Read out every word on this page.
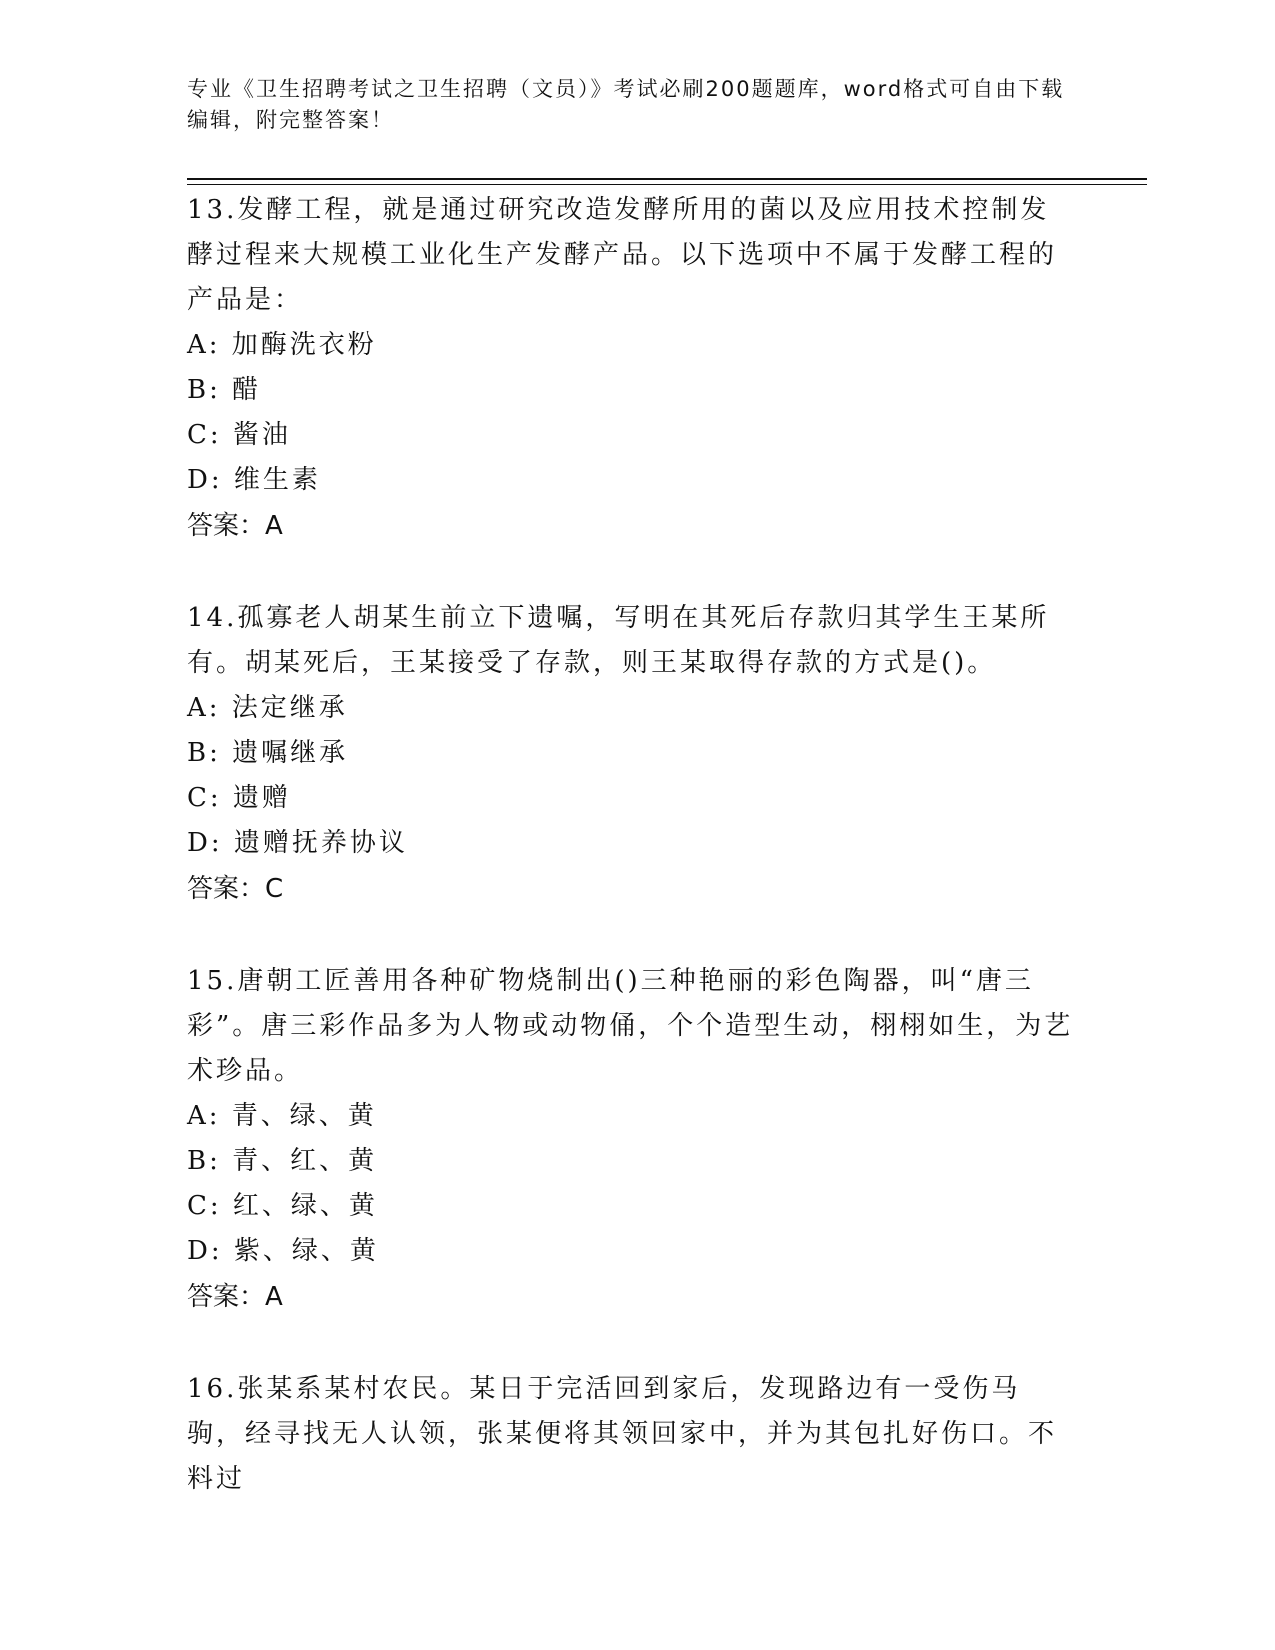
专业《卫生招聘考试之卫生招聘（文员）》考试必刷200题题库，word格式可自由下载编辑，附完整答案！

13.发酵工程，就是通过研究改造发酵所用的菌以及应用技术控制发酵过程来大规模工业化生产发酵产品。以下选项中不属于发酵工程的产品是：

A: 加酶洗衣粉

B: 醋

C: 酱油

D: 维生素

答案：A

14.孤寡老人胡某生前立下遗嘱，写明在其死后存款归其学生王某所有。胡某死后，王某接受了存款，则王某取得存款的方式是()。

A: 法定继承

B: 遗嘱继承

C: 遗赠

D: 遗赠抚养协议

答案：C

15.唐朝工匠善用各种矿物烧制出()三种艳丽的彩色陶器，叫“唐三彩”。唐三彩作品多为人物或动物俑，个个造型生动，栩栩如生，为艺术珍品。

A: 青、绿、黄

B: 青、红、黄

C: 红、绿、黄

D: 紫、绿、黄

答案：A

16.张某系某村农民。某日于完活回到家后，发现路边有一受伤马驹，经寻找无人认领，张某便将其领回家中，并为其包扎好伤口。不料过
